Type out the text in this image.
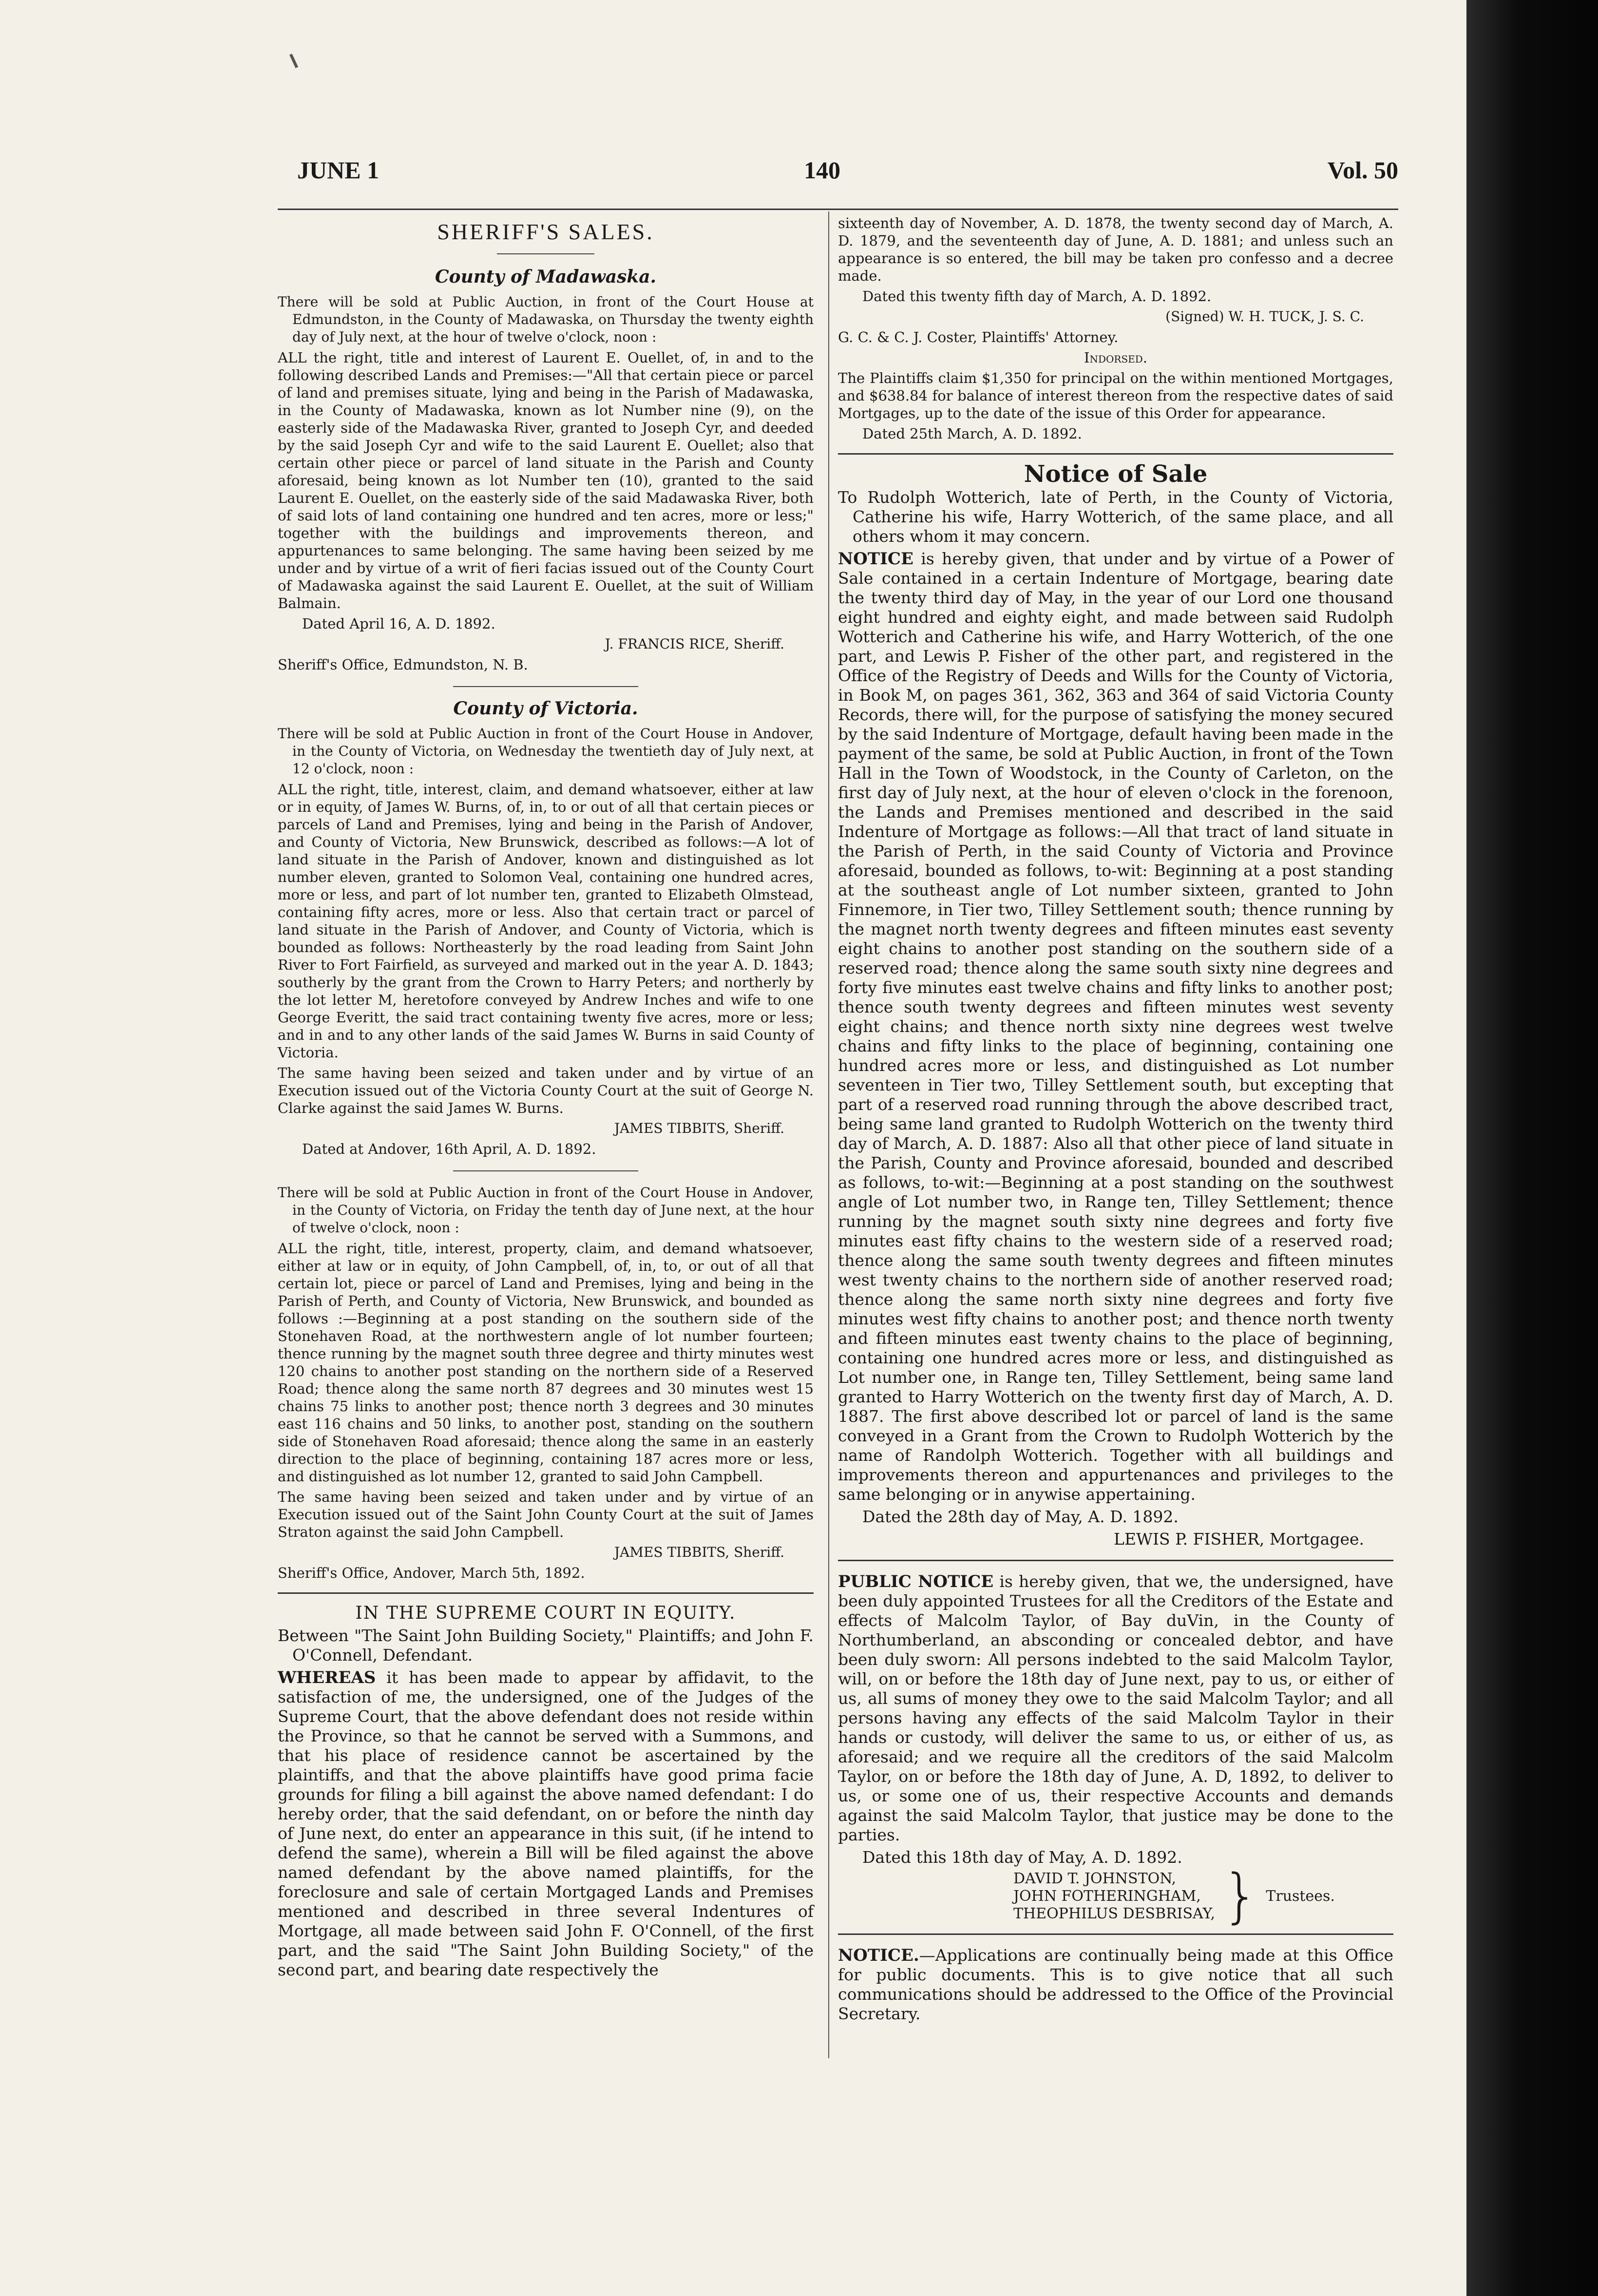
JUNE 1	140	Vol. 50
SHERIFF'S SALES.
County of Madawaska.

There will be sold at Public Auction, in front of the Court House at Edmundston, in the County of Madawaska, on Thursday the twenty eighth day of July next, at the hour of twelve o'clock, noon :

ALL the right, title and interest of Laurent E. Ouellet, of, in and to the following described Lands and Premises:—"All that certain piece or parcel of land and premises situate, lying and being in the Parish of Madawaska, in the County of Madawaska, known as lot Number nine (9), on the easterly side of the Madawaska River, granted to Joseph Cyr, and deeded by the said Joseph Cyr and wife to the said Laurent E. Ouellet; also that certain other piece or parcel of land situate in the Parish and County aforesaid, being known as lot Number ten (10), granted to the said Laurent E. Ouellet, on the easterly side of the said Madawaska River, both of said lots of land containing one hundred and ten acres, more or less;" together with the buildings and improvements thereon, and appurtenances to same belonging. The same having been seized by me under and by virtue of a writ of fieri facias issued out of the County Court of Madawaska against the said Laurent E. Ouellet, at the suit of William Balmain.

Dated April 16, A. D. 1892.

J. FRANCIS RICE, Sheriff.

Sheriff's Office, Edmundston, N. B.

County of Victoria.

There will be sold at Public Auction in front of the Court House in Andover, in the County of Victoria, on Wednesday the twentieth day of July next, at 12 o'clock, noon :

ALL the right, title, interest, claim, and demand whatsoever, either at law or in equity, of James W. Burns, of, in, to or out of all that certain pieces or parcels of Land and Premises, lying and being in the Parish of Andover, and County of Victoria, New Brunswick, described as follows:—A lot of land situate in the Parish of Andover, known and distinguished as lot number eleven, granted to Solomon Veal, containing one hundred acres, more or less, and part of lot number ten, granted to Elizabeth Olmstead, containing fifty acres, more or less. Also that certain tract or parcel of land situate in the Parish of Andover, and County of Victoria, which is bounded as follows: Northeasterly by the road leading from Saint John River to Fort Fairfield, as surveyed and marked out in the year A. D. 1843; southerly by the grant from the Crown to Harry Peters; and northerly by the lot letter M, heretofore conveyed by Andrew Inches and wife to one George Everitt, the said tract containing twenty five acres, more or less; and in and to any other lands of the said James W. Burns in said County of Victoria.

The same having been seized and taken under and by virtue of an Execution issued out of the Victoria County Court at the suit of George N. Clarke against the said James W. Burns.

JAMES TIBBITS, Sheriff.

Dated at Andover, 16th April, A. D. 1892.

There will be sold at Public Auction in front of the Court House in Andover, in the County of Victoria, on Friday the tenth day of June next, at the hour of twelve o'clock, noon :

ALL the right, title, interest, property, claim, and demand whatsoever, either at law or in equity, of John Campbell, of, in, to, or out of all that certain lot, piece or parcel of Land and Premises, lying and being in the Parish of Perth, and County of Victoria, New Brunswick, and bounded as follows :—Beginning at a post standing on the southern side of the Stonehaven Road, at the northwestern angle of lot number fourteen; thence running by the magnet south three degree and thirty minutes west 120 chains to another post standing on the northern side of a Reserved Road; thence along the same north 87 degrees and 30 minutes west 15 chains 75 links to another post; thence north 3 degrees and 30 minutes east 116 chains and 50 links, to another post, standing on the southern side of Stonehaven Road aforesaid; thence along the same in an easterly direction to the place of beginning, containing 187 acres more or less, and distinguished as lot number 12, granted to said John Campbell.

The same having been seized and taken under and by virtue of an Execution issued out of the Saint John County Court at the suit of James Straton against the said John Campbell.

JAMES TIBBITS, Sheriff.

Sheriff's Office, Andover, March 5th, 1892.

IN THE SUPREME COURT IN EQUITY.

Between "The Saint John Building Society," Plaintiffs; and John F. O'Connell, Defendant.

WHEREAS it has been made to appear by affidavit, to the satisfaction of me, the undersigned, one of the Judges of the Supreme Court, that the above defendant does not reside within the Province, so that he cannot be served with a Summons, and that his place of residence cannot be ascertained by the plaintiffs, and that the above plaintiffs have good prima facie grounds for filing a bill against the above named defendant: I do hereby order, that the said defendant, on or before the ninth day of June next, do enter an appearance in this suit, (if he intend to defend the same), wherein a Bill will be filed against the above named defendant by the above named plaintiffs, for the foreclosure and sale of certain Mortgaged Lands and Premises mentioned and described in three several Indentures of Mortgage, all made between said John F. O'Connell, of the first part, and the said "The Saint John Building Society," of the second part, and bearing date respectively the

sixteenth day of November, A. D. 1878, the twenty second day of March, A. D. 1879, and the seventeenth day of June, A. D. 1881; and unless such an appearance is so entered, the bill may be taken pro confesso and a decree made.

Dated this twenty fifth day of March, A. D. 1892.

(Signed) W. H. TUCK, J. S. C.

G. C. & C. J. Coster, Plaintiffs' Attorney.

Indorsed.

The Plaintiffs claim $1,350 for principal on the within mentioned Mortgages, and $638.84 for balance of interest thereon from the respective dates of said Mortgages, up to the date of the issue of this Order for appearance.

Dated 25th March, A. D. 1892.

Notice of Sale

To Rudolph Wotterich, late of Perth, in the County of Victoria, Catherine his wife, Harry Wotterich, of the same place, and all others whom it may concern.

NOTICE is hereby given, that under and by virtue of a Power of Sale contained in a certain Indenture of Mortgage, bearing date the twenty third day of May, in the year of our Lord one thousand eight hundred and eighty eight, and made between said Rudolph Wotterich and Catherine his wife, and Harry Wotterich, of the one part, and Lewis P. Fisher of the other part, and registered in the Office of the Registry of Deeds and Wills for the County of Victoria, in Book M, on pages 361, 362, 363 and 364 of said Victoria County Records, there will, for the purpose of satisfying the money secured by the said Indenture of Mortgage, default having been made in the payment of the same, be sold at Public Auction, in front of the Town Hall in the Town of Woodstock, in the County of Carleton, on the first day of July next, at the hour of eleven o'clock in the forenoon, the Lands and Premises mentioned and described in the said Indenture of Mortgage as follows:—All that tract of land situate in the Parish of Perth, in the said County of Victoria and Province aforesaid, bounded as follows, to-wit: Beginning at a post standing at the southeast angle of Lot number sixteen, granted to John Finnemore, in Tier two, Tilley Settlement south; thence running by the magnet north twenty degrees and fifteen minutes east seventy eight chains to another post standing on the southern side of a reserved road; thence along the same south sixty nine degrees and forty five minutes east twelve chains and fifty links to another post; thence south twenty degrees and fifteen minutes west seventy eight chains; and thence north sixty nine degrees west twelve chains and fifty links to the place of beginning, containing one hundred acres more or less, and distinguished as Lot number seventeen in Tier two, Tilley Settlement south, but excepting that part of a reserved road running through the above described tract, being same land granted to Rudolph Wotterich on the twenty third day of March, A. D. 1887: Also all that other piece of land situate in the Parish, County and Province aforesaid, bounded and described as follows, to-wit:—Beginning at a post standing on the southwest angle of Lot number two, in Range ten, Tilley Settlement; thence running by the magnet south sixty nine degrees and forty five minutes east fifty chains to the western side of a reserved road; thence along the same south twenty degrees and fifteen minutes west twenty chains to the northern side of another reserved road; thence along the same north sixty nine degrees and forty five minutes west fifty chains to another post; and thence north twenty and fifteen minutes east twenty chains to the place of beginning, containing one hundred acres more or less, and distinguished as Lot number one, in Range ten, Tilley Settlement, being same land granted to Harry Wotterich on the twenty first day of March, A. D. 1887. The first above described lot or parcel of land is the same conveyed in a Grant from the Crown to Rudolph Wotterich by the name of Randolph Wotterich. Together with all buildings and improvements thereon and appurtenances and privileges to the same belonging or in anywise appertaining.

Dated the 28th day of May, A. D. 1892.

LEWIS P. FISHER, Mortgagee.

PUBLIC NOTICE is hereby given, that we, the undersigned, have been duly appointed Trustees for all the Creditors of the Estate and effects of Malcolm Taylor, of Bay duVin, in the County of Northumberland, an absconding or concealed debtor, and have been duly sworn: All persons indebted to the said Malcolm Taylor, will, on or before the 18th day of June next, pay to us, or either of us, all sums of money they owe to the said Malcolm Taylor; and all persons having any effects of the said Malcolm Taylor in their hands or custody, will deliver the same to us, or either of us, as aforesaid; and we require all the creditors of the said Malcolm Taylor, on or before the 18th day of June, A. D, 1892, to deliver to us, or some one of us, their respective Accounts and demands against the said Malcolm Taylor, that justice may be done to the parties.

Dated this 18th day of May, A. D. 1892.

DAVID T. JOHNSTON,
JOHN FOTHERINGHAM,
THEOPHILUS DESBRISAY, } Trustees.

NOTICE.—Applications are continually being made at this Office for public documents. This is to give notice that all such communications should be addressed to the Office of the Provincial Secretary.
